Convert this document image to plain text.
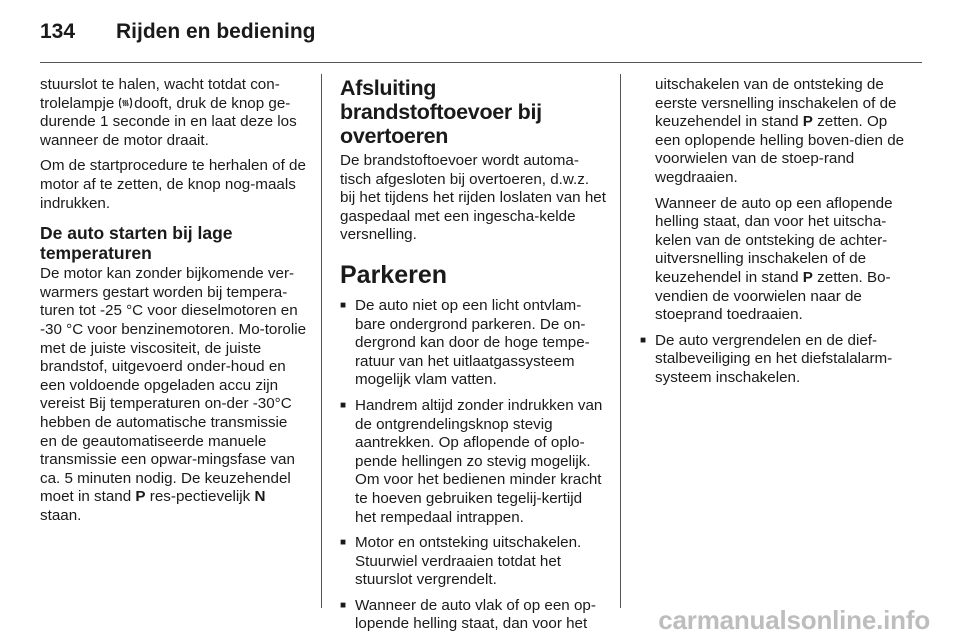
134 Rijden en bediening

stuurslot te halen, wacht totdat con- trolelampje dooft, druk de knop ge- durende 1 seconde in en laat deze los wanneer de motor draait.

Om de startprocedure te herhalen of de motor af te zetten, de knop nog-maals indrukken.

De auto starten bij lage temperaturen

De motor kan zonder bijkomende ver-warmers gestart worden bij tempera-turen tot -25 °C voor dieselmotoren en -30 °C voor benzinemotoren. Mo-torolie met de juiste viscositeit, de juiste brandstof, uitgevoerd onder-houd en een voldoende opgeladen accu zijn vereist Bij temperaturen on-der -30°C hebben de automatische transmissie en de geautomatiseerde manuele transmissie een opwar-mingsfase van ca. 5 minuten nodig. De keuzehendel moet in stand P res-pectievelijk N staan.

Afsluiting brandstoftoevoer bij overtoeren

De brandstoftoevoer wordt automa-tisch afgesloten bij overtoeren, d.w.z. bij het tijdens het rijden loslaten van het gaspedaal met een ingescha-kelde versnelling.

Parkeren
■ De auto niet op een licht ontvlam-bare ondergrond parkeren. De on-dergrond kan door de hoge tempe-ratuur van het uitlaatgassysteem mogelijk vlam vatten.
■ Handrem altijd zonder indrukken van de ontgrendelingsknop stevig aantrekken. Op aflopende of oplo-pende hellingen zo stevig mogelijk. Om voor het bedienen minder kracht te hoeven gebruiken tegelij-kertijd het rempedaal intrappen.
■ Motor en ontsteking uitschakelen. Stuurwiel verdraaien totdat het stuurslot vergrendelt.
■ Wanneer de auto vlak of op een op-lopende helling staat, dan voor het

uitschakelen van de ontsteking de eerste versnelling inschakelen of de keuzehendel in stand P zetten. Op een oplopende helling boven-dien de voorwielen van de stoep-rand wegdraaien.

Wanneer de auto op een aflopende helling staat, dan voor het uitscha-kelen van de ontsteking de achter-uitversnelling inschakelen of de keuzehendel in stand P zetten. Bo-vendien de voorwielen naar de stoeprand toedraaien.

■ De auto vergrendelen en de dief-stalbeveiliging en het diefstalalarm-systeem inschakelen.
carmanualsonline.info
